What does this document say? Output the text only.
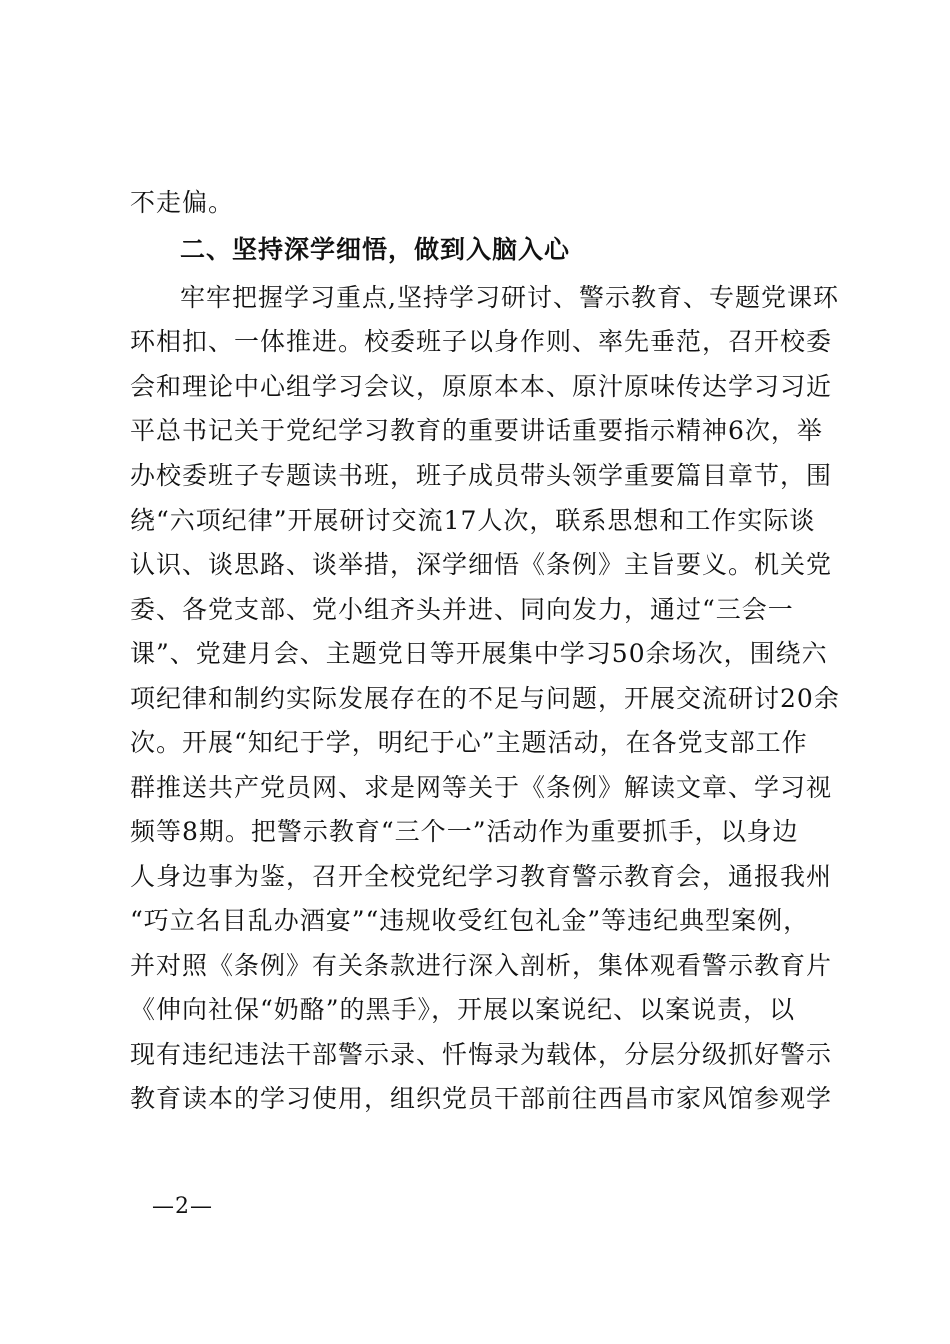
不走偏。
二、坚持深学细悟，做到入脑入心
牢牢把握学习重点,坚持学习研讨、警示教育、专题党课环
环相扣、一体推进。校委班子以身作则、率先垂范，召开校委
会和理论中心组学习会议，原原本本、原汁原味传达学习习近
平总书记关于党纪学习教育的重要讲话重要指示精神6次，举
办校委班子专题读书班，班子成员带头领学重要篇目章节，围
绕“六项纪律”开展研讨交流17人次，联系思想和工作实际谈
认识、谈思路、谈举措，深学细悟《条例》主旨要义。机关党
委、各党支部、党小组齐头并进、同向发力，通过“三会一
课”、党建月会、主题党日等开展集中学习50余场次，围绕六
项纪律和制约实际发展存在的不足与问题，开展交流研讨20余
次。开展“知纪于学，明纪于心”主题活动，在各党支部工作
群推送共产党员网、求是网等关于《条例》解读文章、学习视
频等8期。把警示教育“三个一”活动作为重要抓手，以身边
人身边事为鉴，召开全校党纪学习教育警示教育会，通报我州
“巧立名目乱办酒宴”“违规收受红包礼金”等违纪典型案例，
并对照《条例》有关条款进行深入剖析，集体观看警示教育片
《伸向社保“奶酪”的黑手》，开展以案说纪、以案说责，以
现有违纪违法干部警示录、忏悔录为载体，分层分级抓好警示
教育读本的学习使用，组织党员干部前往西昌市家风馆参观学
—2—
